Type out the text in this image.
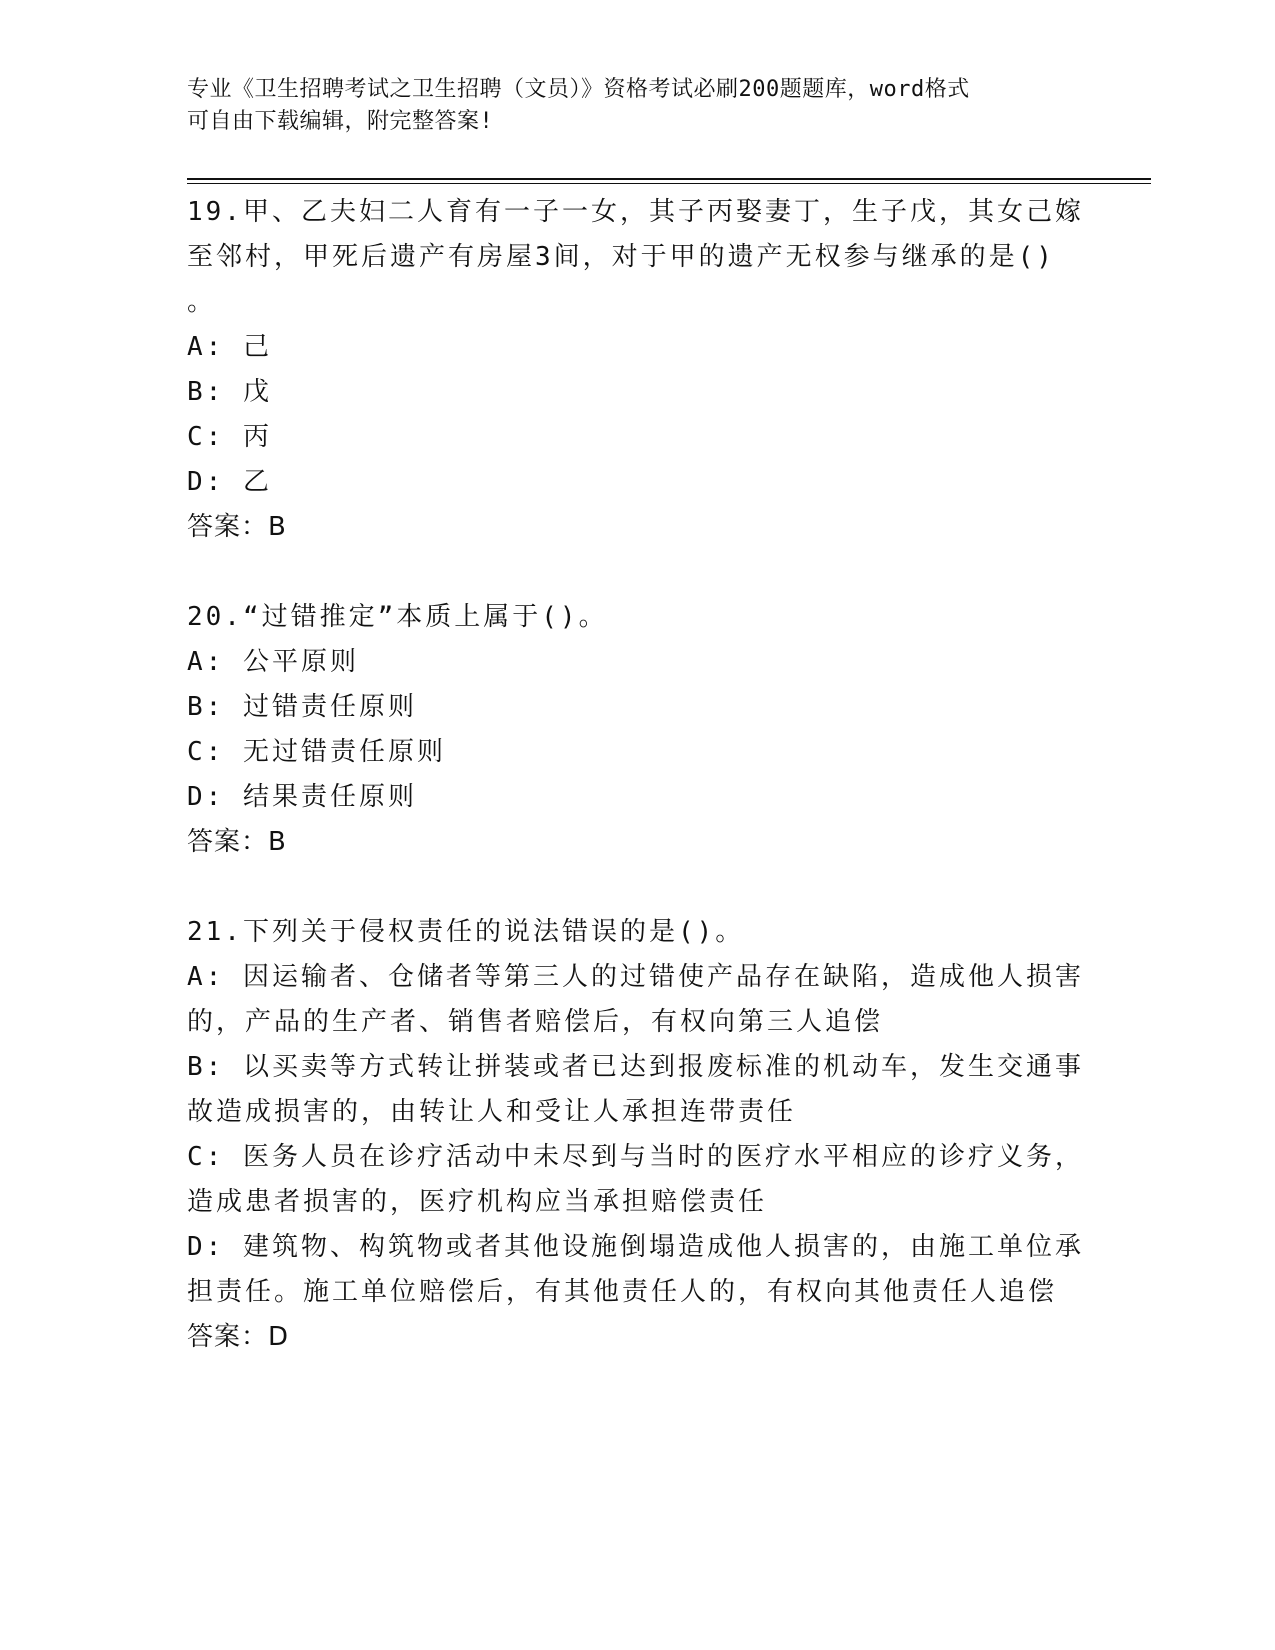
专业《卫生招聘考试之卫生招聘（文员）》资格考试必刷200题题库，word格式
可自由下载编辑，附完整答案!
19.甲、乙夫妇二人育有一子一女，其子丙娶妻丁，生子戊，其女己嫁
至邻村，甲死后遗产有房屋3间，对于甲的遗产无权参与继承的是()
。
A: 己
B: 戊
C: 丙
D: 乙
答案：B
20.“过错推定”本质上属于()。
A: 公平原则
B: 过错责任原则
C: 无过错责任原则
D: 结果责任原则
答案：B
21.下列关于侵权责任的说法错误的是()。
A: 因运输者、仓储者等第三人的过错使产品存在缺陷，造成他人损害
的，产品的生产者、销售者赔偿后，有权向第三人追偿
B: 以买卖等方式转让拼装或者已达到报废标准的机动车，发生交通事
故造成损害的，由转让人和受让人承担连带责任
C: 医务人员在诊疗活动中未尽到与当时的医疗水平相应的诊疗义务，
造成患者损害的，医疗机构应当承担赔偿责任
D: 建筑物、构筑物或者其他设施倒塌造成他人损害的，由施工单位承
担责任。施工单位赔偿后，有其他责任人的，有权向其他责任人追偿
答案：D
